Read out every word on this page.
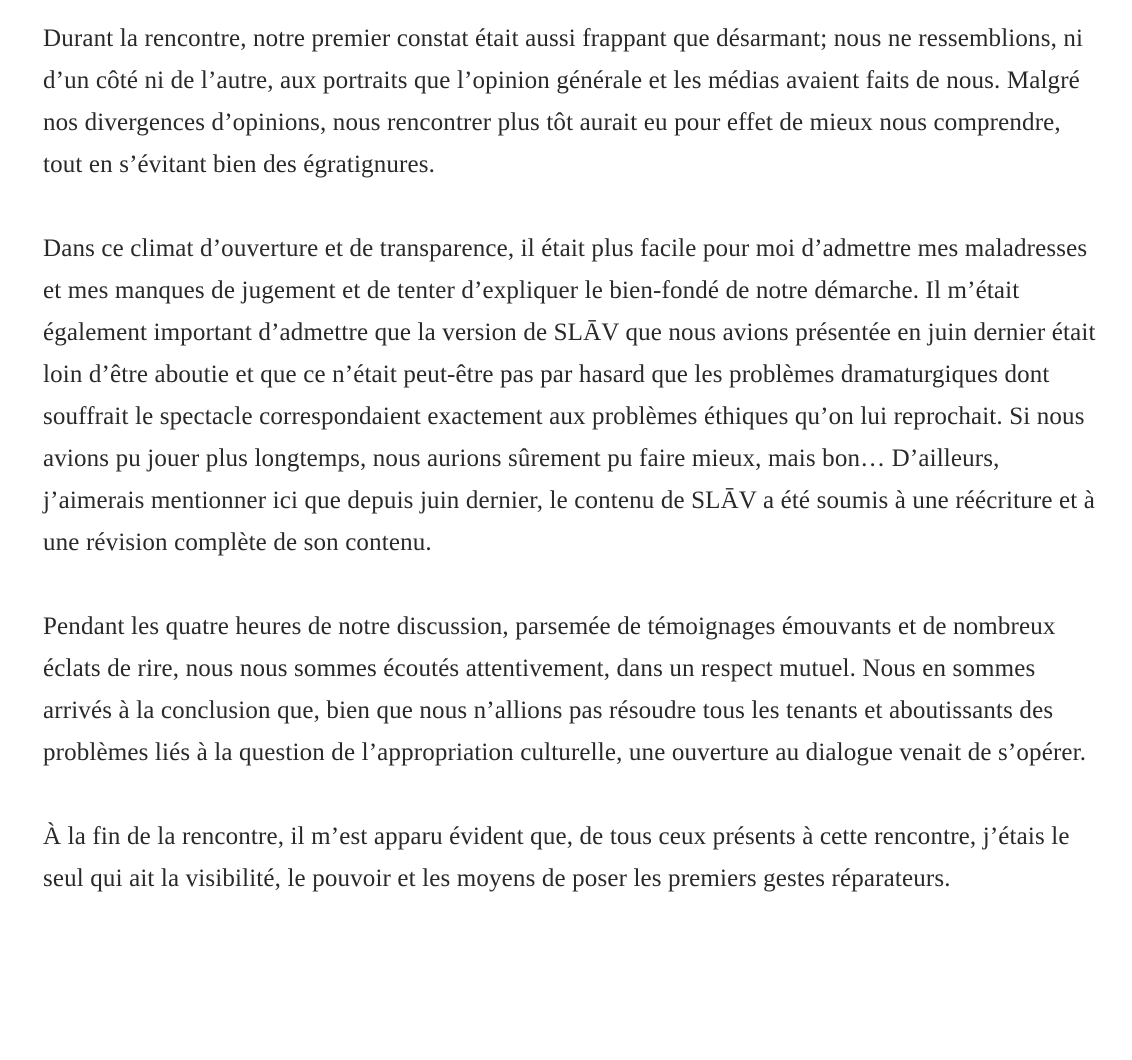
Durant la rencontre, notre premier constat était aussi frappant que désarmant; nous ne ressemblions, ni d’un côté ni de l’autre, aux portraits que l’opinion générale et les médias avaient faits de nous. Malgré nos divergences d’opinions, nous rencontrer plus tôt aurait eu pour effet de mieux nous comprendre, tout en s’évitant bien des égratignures.

Dans ce climat d’ouverture et de transparence, il était plus facile pour moi d’admettre mes maladresses et mes manques de jugement et de tenter d’expliquer le bien-fondé de notre démarche. Il m’était également important d’admettre que la version de SLĀV que nous avions présentée en juin dernier était loin d’être aboutie et que ce n’était peut-être pas par hasard que les problèmes dramaturgiques dont souffrait le spectacle correspondaient exactement aux problèmes éthiques qu’on lui reprochait. Si nous avions pu jouer plus longtemps, nous aurions sûrement pu faire mieux, mais bon… D’ailleurs, j’aimerais mentionner ici que depuis juin dernier, le contenu de SLĀV a été soumis à une réécriture et à une révision complète de son contenu.

Pendant les quatre heures de notre discussion, parsemée de témoignages émouvants et de nombreux éclats de rire, nous nous sommes écoutés attentivement, dans un respect mutuel. Nous en sommes arrivés à la conclusion que, bien que nous n’allions pas résoudre tous les tenants et aboutissants des problèmes liés à la question de l’appropriation culturelle, une ouverture au dialogue venait de s’opérer.

À la fin de la rencontre, il m’est apparu évident que, de tous ceux présents à cette rencontre, j’étais le seul qui ait la visibilité, le pouvoir et les moyens de poser les premiers gestes réparateurs.
